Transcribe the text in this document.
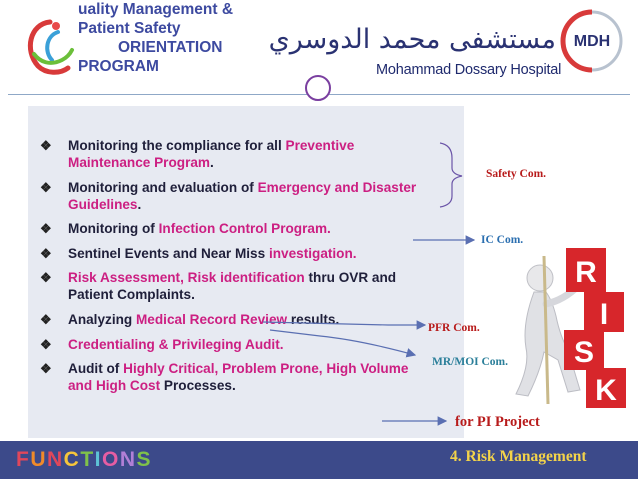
uality Management &
Patient Safety
ORIENTATION
PROGRAM
مستشفى محمد الدوسري
Mohammad Dossary Hospital
MDH
❖ Monitoring the compliance for all Preventive Maintenance Program.
❖ Monitoring and evaluation of Emergency and Disaster Guidelines.
❖ Monitoring of Infection Control Program.
❖ Sentinel Events and Near Miss investigation.
❖ Risk Assessment, Risk identification thru OVR and Patient Complaints.
❖ Analyzing Medical Record Review results.
❖ Credentialing & Privileging Audit.
❖ Audit of Highly Critical, Problem Prone, High Volume and High Cost Processes.
Safety Com.
IC Com.
PFR Com.
MR/MOI Com.
for PI Project
R
I
S
K
FUNCTIONS	4. Risk Management
